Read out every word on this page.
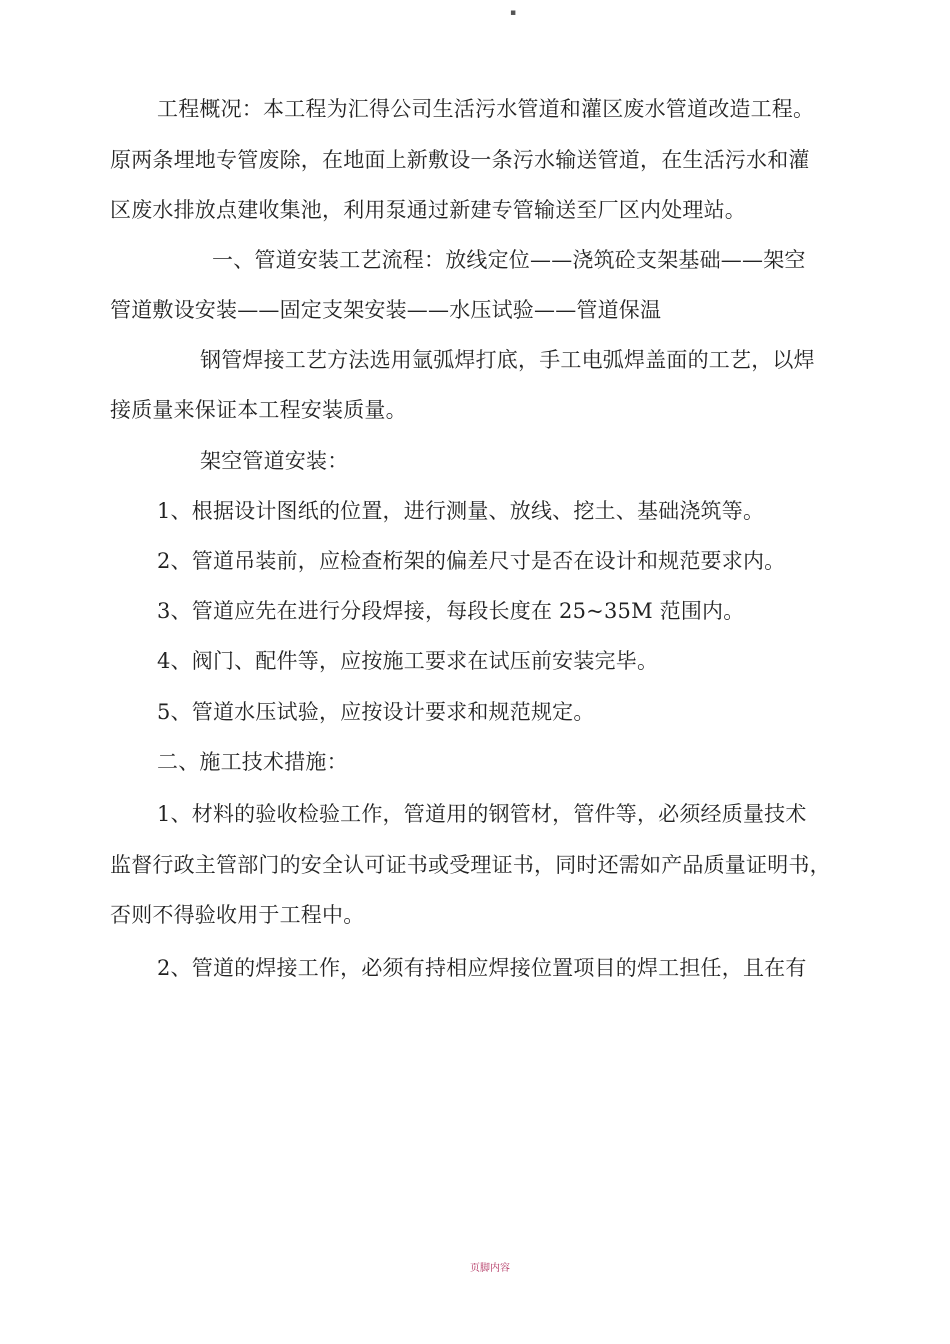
▪
工程概况：本工程为汇得公司生活污水管道和灌区废水管道改造工程。
原两条埋地专管废除，在地面上新敷设一条污水输送管道，在生活污水和灌
区废水排放点建收集池，利用泵通过新建专管输送至厂区内处理站。
一、管道安装工艺流程：放线定位——浇筑砼支架基础——架空
管道敷设安装——固定支架安装——水压试验——管道保温
钢管焊接工艺方法选用氩弧焊打底，手工电弧焊盖面的工艺，以焊
接质量来保证本工程安装质量。
架空管道安装：
1、根据设计图纸的位置，进行测量、放线、挖土、基础浇筑等。
2、管道吊装前，应检查桁架的偏差尺寸是否在设计和规范要求内。
3、管道应先在进行分段焊接，每段长度在 25~35M 范围内。
4、阀门、配件等，应按施工要求在试压前安装完毕。
5、管道水压试验，应按设计要求和规范规定。
二、施工技术措施：
1、材料的验收检验工作，管道用的钢管材，管件等，必须经质量技术
监督行政主管部门的安全认可证书或受理证书，同时还需如产品质量证明书，
否则不得验收用于工程中。
2、管道的焊接工作，必须有持相应焊接位置项目的焊工担任，且在有
页脚内容
